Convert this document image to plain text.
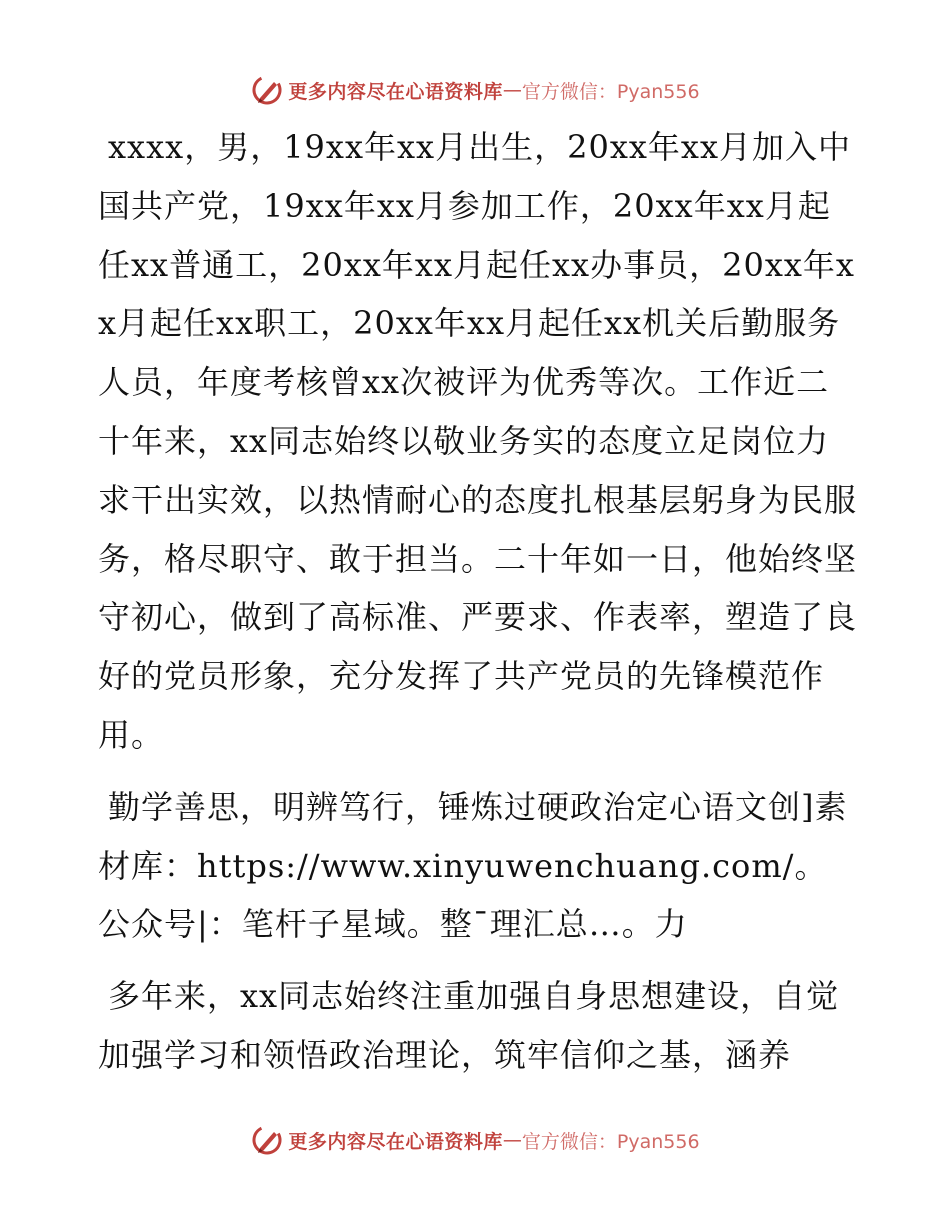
更多内容尽在心语资料库 — 官方微信：Pyan556

xxxx，男，19xx年xx月出生，20xx年xx月加入中国共产党，19xx年xx月参加工作，20xx年xx月起任xx普通工，20xx年xx月起任xx办事员，20xx年xx月起任xx职工，20xx年xx月起任xx机关后勤服务人员，年度考核曾xx次被评为优秀等次。工作近二十年来，xx同志始终以敬业务实的态度立足岗位力求干出实效，以热情耐心的态度扎根基层躬身为民服务，格尽职守、敢于担当。二十年如一日，他始终坚守初心，做到了高标准、严要求、作表率，塑造了良好的党员形象，充分发挥了共产党员的先锋模范作用。

勤学善思，明辨笃行，锤炼过硬政治定心语文创]素材库：https://www.xinyuwenchuang.com/。公众号|：笔杆子星域。整¯理汇总…。力

多年来，xx同志始终注重加强自身思想建设，自觉加强学习和领悟政治理论，筑牢信仰之基，涵养

更多内容尽在心语资料库 — 官方微信：Pyan556
